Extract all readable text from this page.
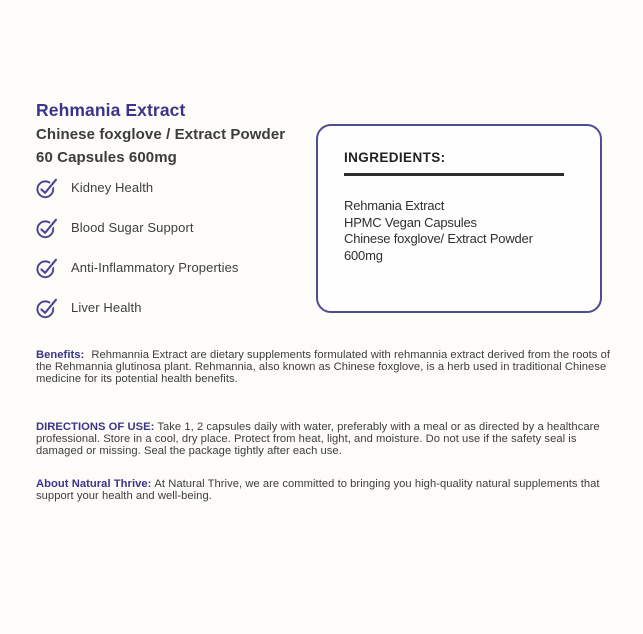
Rehmania Extract
Chinese foxglove / Extract Powder
60 Capsules 600mg
Kidney Health
Blood Sugar Support
Anti-Inflammatory Properties
Liver Health
INGREDIENTS:
Rehmania Extract
HPMC Vegan Capsules
Chinese foxglove/ Extract Powder
600mg

Benefits: Rehmannia Extract are dietary supplements formulated with rehmannia extract derived from the roots of the Rehmannia glutinosa plant. Rehmannia, also known as Chinese foxglove, is a herb used in traditional Chinese medicine for its potential health benefits.

DIRECTIONS OF USE: Take 1, 2 capsules daily with water, preferably with a meal or as directed by a healthcare professional. Store in a cool, dry place. Protect from heat, light, and moisture. Do not use if the safety seal is damaged or missing. Seal the package tightly after each use.

About Natural Thrive: At Natural Thrive, we are committed to bringing you high-quality natural supplements that support your health and well-being.
